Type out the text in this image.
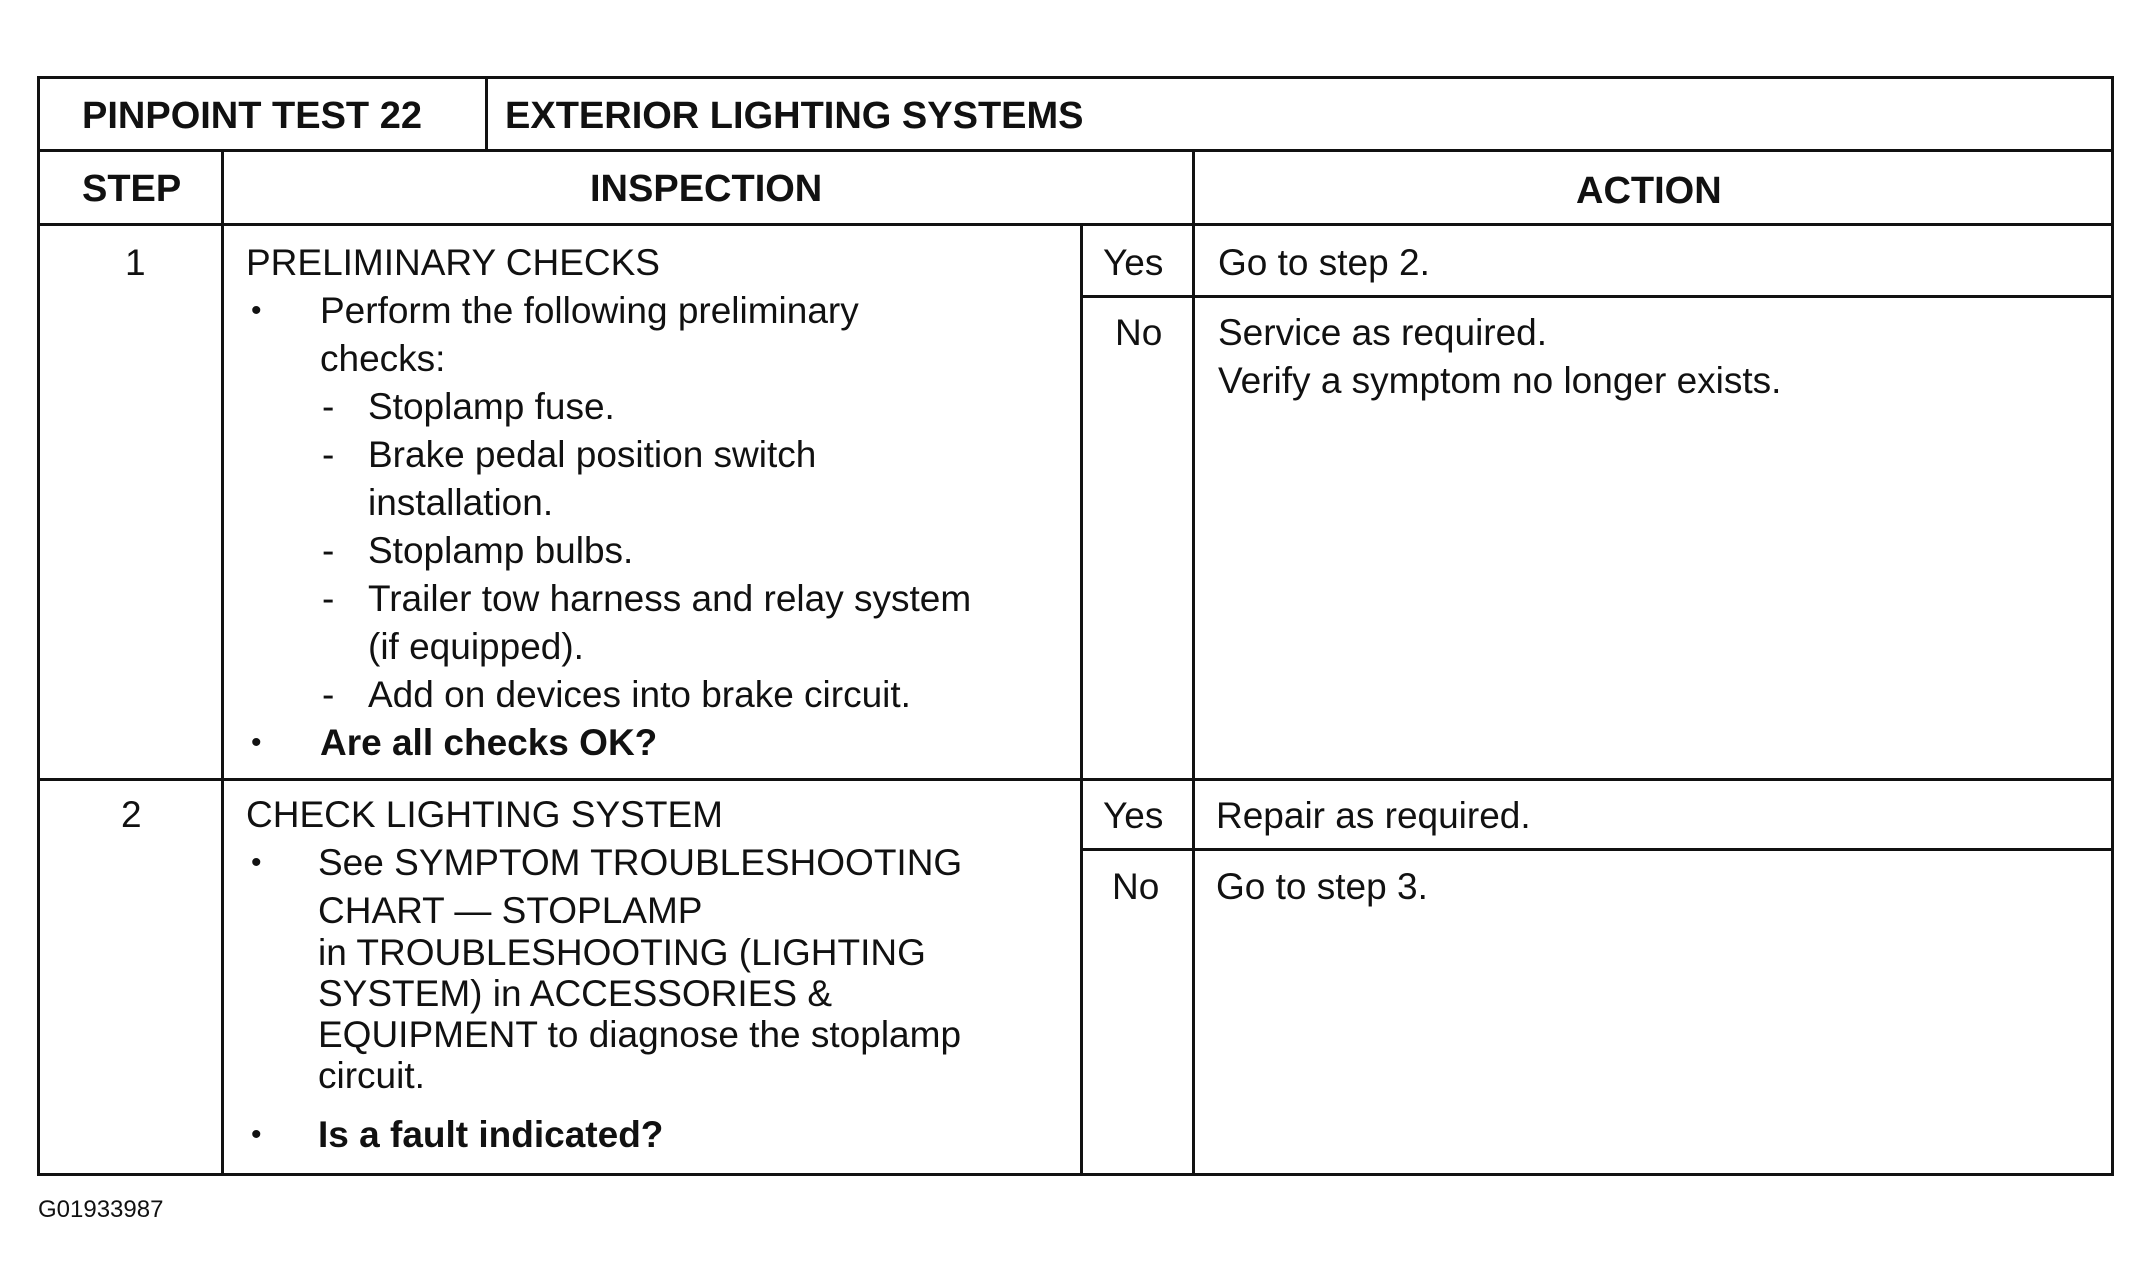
PINPOINT TEST 22 EXTERIOR LIGHTING SYSTEMS
STEP	INSPECTION	ACTION
1	PRELIMINARY CHECKS
• Perform the following preliminary
checks:
- Stoplamp fuse.
- Brake pedal position switch
installation.
- Stoplamp bulbs.
- Trailer tow harness and relay system
(if equipped).
- Add on devices into brake circuit.
• Are all checks OK?
Yes Go to step 2.
No Service as required.
Verify a symptom no longer exists.
2	CHECK LIGHTING SYSTEM
• See SYMPTOM TROUBLESHOOTING
CHART — STOPLAMP
in TROUBLESHOOTING (LIGHTING
SYSTEM) in ACCESSORIES &
EQUIPMENT to diagnose the stoplamp
circuit.
• Is a fault indicated?
Yes Repair as required.
No Go to step 3.
G01933987
